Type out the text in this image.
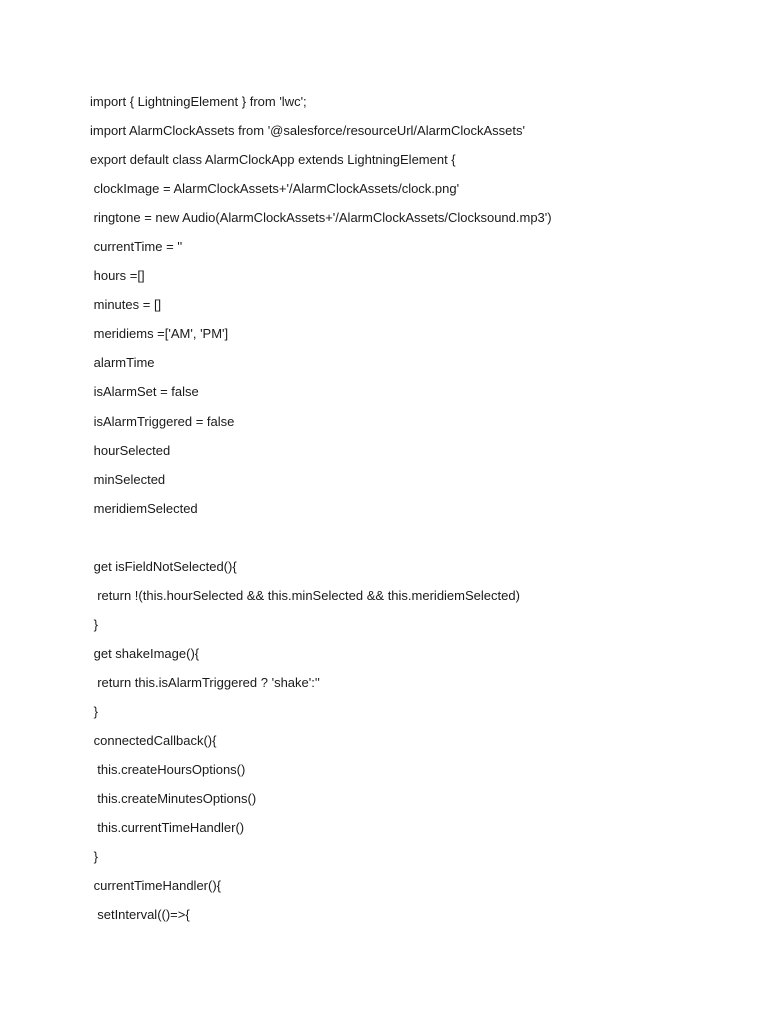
import { LightningElement } from 'lwc';
import AlarmClockAssets from '@salesforce/resourceUrl/AlarmClockAssets'
export default class AlarmClockApp extends LightningElement {
clockImage = AlarmClockAssets+'/AlarmClockAssets/clock.png'
ringtone = new Audio(AlarmClockAssets+'/AlarmClockAssets/Clocksound.mp3')
currentTime = ''
hours =[]
minutes = []
meridiems =['AM', 'PM']
alarmTime
isAlarmSet = false
isAlarmTriggered = false
hourSelected
minSelected
meridiemSelected
get isFieldNotSelected(){
return !(this.hourSelected && this.minSelected && this.meridiemSelected)
}
get shakeImage(){
return this.isAlarmTriggered ? 'shake':''
}
connectedCallback(){
this.createHoursOptions()
this.createMinutesOptions()
this.currentTimeHandler()
}
currentTimeHandler(){
setInterval(()=>{
